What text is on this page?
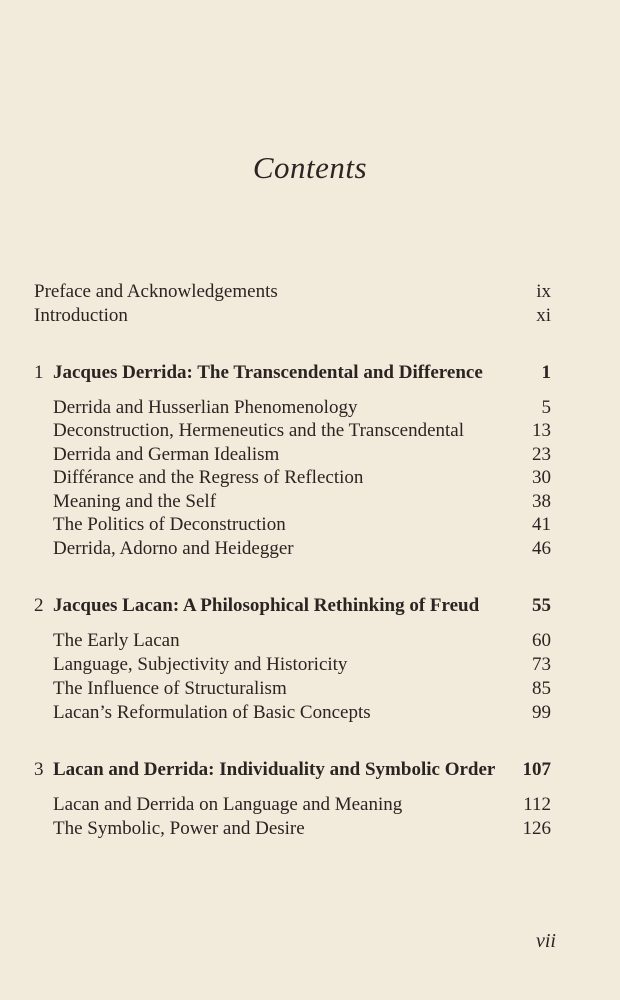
Contents
Preface and Acknowledgements	ix
Introduction	xi
1 Jacques Derrida: The Transcendental and Difference	1
Derrida and Husserlian Phenomenology	5
Deconstruction, Hermeneutics and the Transcendental	13
Derrida and German Idealism	23
Différance and the Regress of Reflection	30
Meaning and the Self	38
The Politics of Deconstruction	41
Derrida, Adorno and Heidegger	46
2 Jacques Lacan: A Philosophical Rethinking of Freud	55
The Early Lacan	60
Language, Subjectivity and Historicity	73
The Influence of Structuralism	85
Lacan’s Reformulation of Basic Concepts	99
3 Lacan and Derrida: Individuality and Symbolic Order 107
Lacan and Derrida on Language and Meaning	112
The Symbolic, Power and Desire	126
vii
